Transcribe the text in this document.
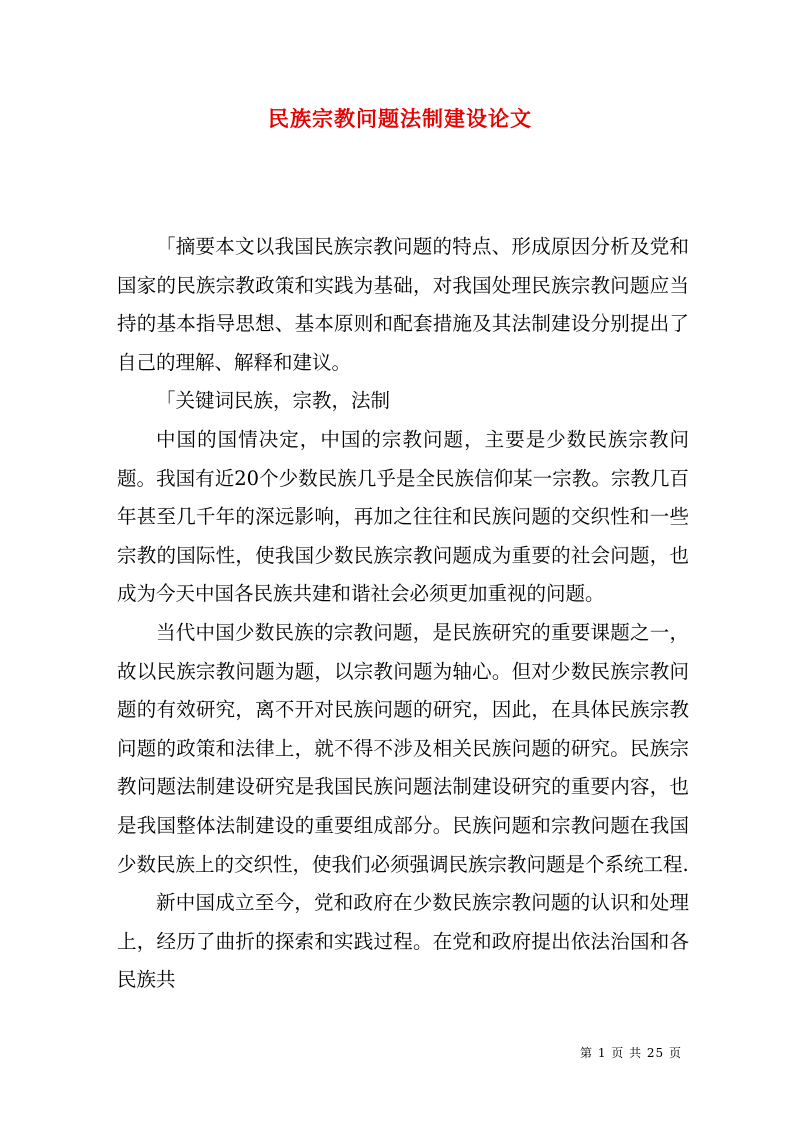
民族宗教问题法制建设论文

「摘要本文以我国民族宗教问题的特点、形成原因分析及党和国家的民族宗教政策和实践为基础，对我国处理民族宗教问题应当持的基本指导思想、基本原则和配套措施及其法制建设分别提出了自己的理解、解释和建议。

「关键词民族，宗教，法制

中国的国情决定，中国的宗教问题，主要是少数民族宗教问题。我国有近20个少数民族几乎是全民族信仰某一宗教。宗教几百年甚至几千年的深远影响，再加之往往和民族问题的交织性和一些宗教的国际性，使我国少数民族宗教问题成为重要的社会问题，也成为今天中国各民族共建和谐社会必须更加重视的问题。

当代中国少数民族的宗教问题，是民族研究的重要课题之一，故以民族宗教问题为题，以宗教问题为轴心。但对少数民族宗教问题的有效研究，离不开对民族问题的研究，因此，在具体民族宗教问题的政策和法律上，就不得不涉及相关民族问题的研究。民族宗教问题法制建设研究是我国民族问题法制建设研究的重要内容，也是我国整体法制建设的重要组成部分。民族问题和宗教问题在我国少数民族上的交织性，使我们必须强调民族宗教问题是个系统工程.

新中国成立至今，党和政府在少数民族宗教问题的认识和处理上，经历了曲折的探索和实践过程。在党和政府提出依法治国和各民族共

第 1 页 共 25 页
